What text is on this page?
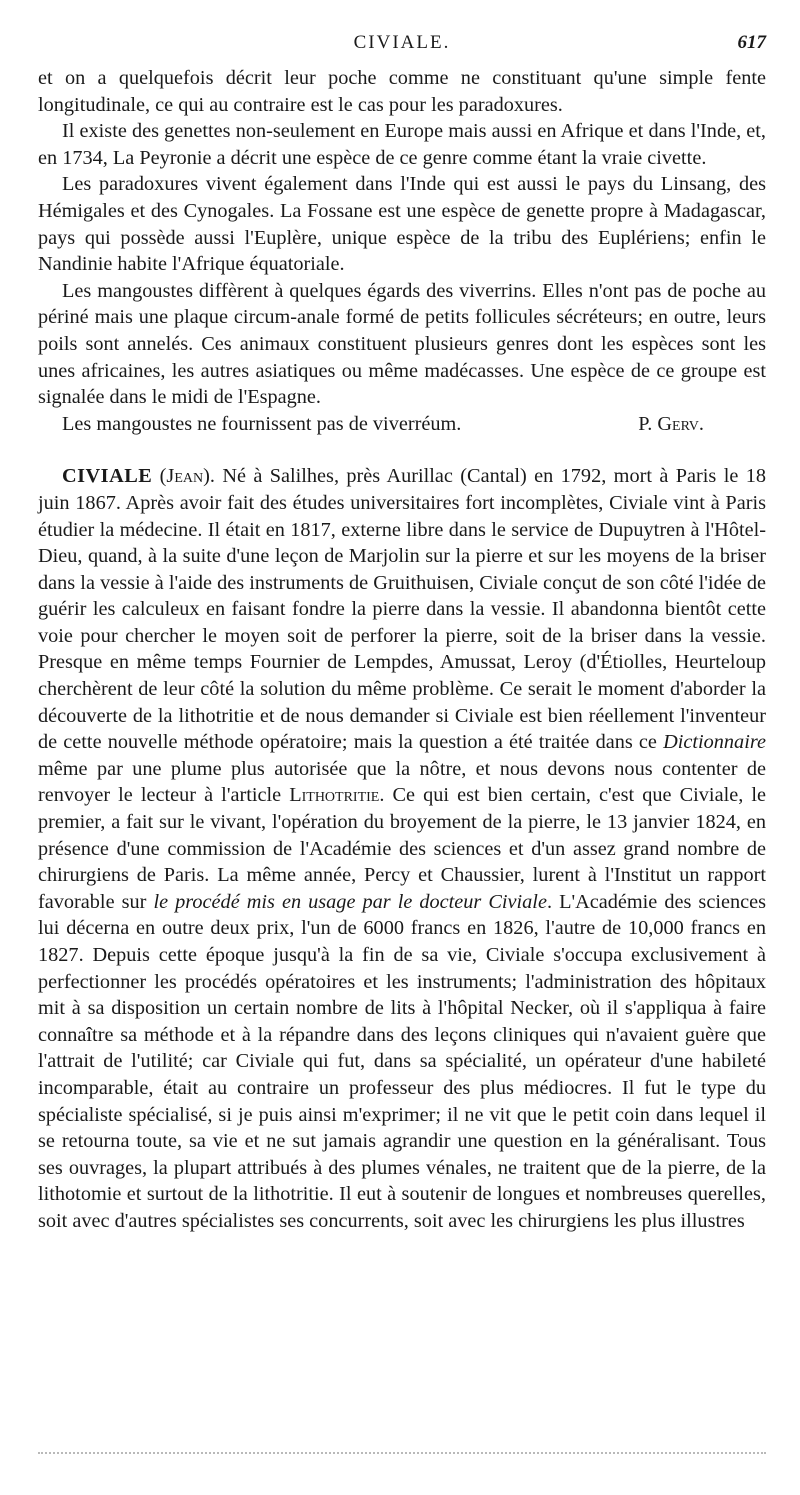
CIVIALE.	617

et on a quelquefois décrit leur poche comme ne constituant qu'une simple fente longitudinale, ce qui au contraire est le cas pour les paradoxures.

Il existe des genettes non-seulement en Europe mais aussi en Afrique et dans l'Inde, et, en 1734, La Peyronie a décrit une espèce de ce genre comme étant la vraie civette.

Les paradoxures vivent également dans l'Inde qui est aussi le pays du Linsang, des Hémigales et des Cynogales. La Fossane est une espèce de genette propre à Madagascar, pays qui possède aussi l'Euplère, unique espèce de la tribu des Euplériens; enfin le Nandinie habite l'Afrique équatoriale.

Les mangoustes diffèrent à quelques égards des viverrins. Elles n'ont pas de poche au périné mais une plaque circum-anale formé de petits follicules sécréteurs; en outre, leurs poils sont annelés. Ces animaux constituent plusieurs genres dont les espèces sont les unes africaines, les autres asiatiques ou même madécasses. Une espèce de ce groupe est signalée dans le midi de l'Espagne.

Les mangoustes ne fournissent pas de viverréum.	P. Gerv.

CIVIALE (Jean). Né à Salilhes, près Aurillac (Cantal) en 1792, mort à Paris le 18 juin 1867. Après avoir fait des études universitaires fort incomplètes, Civiale vint à Paris étudier la médecine. Il était en 1817, externe libre dans le service de Dupuytren à l'Hôtel-Dieu, quand, à la suite d'une leçon de Marjolin sur la pierre et sur les moyens de la briser dans la vessie à l'aide des instruments de Gruithuisen, Civiale conçut de son côté l'idée de guérir les calculeux en faisant fondre la pierre dans la vessie. Il abandonna bientôt cette voie pour chercher le moyen soit de perforer la pierre, soit de la briser dans la vessie. Presque en même temps Fournier de Lempdes, Amussat, Leroy (d'Étiolles, Heurteloup cherchèrent de leur côté la solution du même problème. Ce serait le moment d'aborder la découverte de la lithotritie et de nous demander si Civiale est bien réellement l'inventeur de cette nouvelle méthode opératoire; mais la question a été traitée dans ce Dictionnaire même par une plume plus autorisée que la nôtre, et nous devons nous contenter de renvoyer le lecteur à l'article Lithotritie. Ce qui est bien certain, c'est que Civiale, le premier, a fait sur le vivant, l'opération du broyement de la pierre, le 13 janvier 1824, en présence d'une commission de l'Académie des sciences et d'un assez grand nombre de chirurgiens de Paris. La même année, Percy et Chaussier, lurent à l'Institut un rapport favorable sur le procédé mis en usage par le docteur Civiale. L'Académie des sciences lui décerna en outre deux prix, l'un de 6000 francs en 1826, l'autre de 10,000 francs en 1827. Depuis cette époque jusqu'à la fin de sa vie, Civiale s'occupa exclusivement à perfectionner les procédés opératoires et les instruments; l'administration des hôpitaux mit à sa disposition un certain nombre de lits à l'hôpital Necker, où il s'appliqua à faire connaître sa méthode et à la répandre dans des leçons cliniques qui n'avaient guère que l'attrait de l'utilité; car Civiale qui fut, dans sa spécialité, un opérateur d'une habileté incomparable, était au contraire un professeur des plus médiocres. Il fut le type du spécialiste spécialisé, si je puis ainsi m'exprimer; il ne vit que le petit coin dans lequel il se retourna toute, sa vie et ne sut jamais agrandir une question en la généralisant. Tous ses ouvrages, la plupart attribués à des plumes vénales, ne traitent que de la pierre, de la lithotomie et surtout de la lithotritie. Il eut à soutenir de longues et nombreuses querelles, soit avec d'autres spécialistes ses concurrents, soit avec les chirurgiens les plus illustres
